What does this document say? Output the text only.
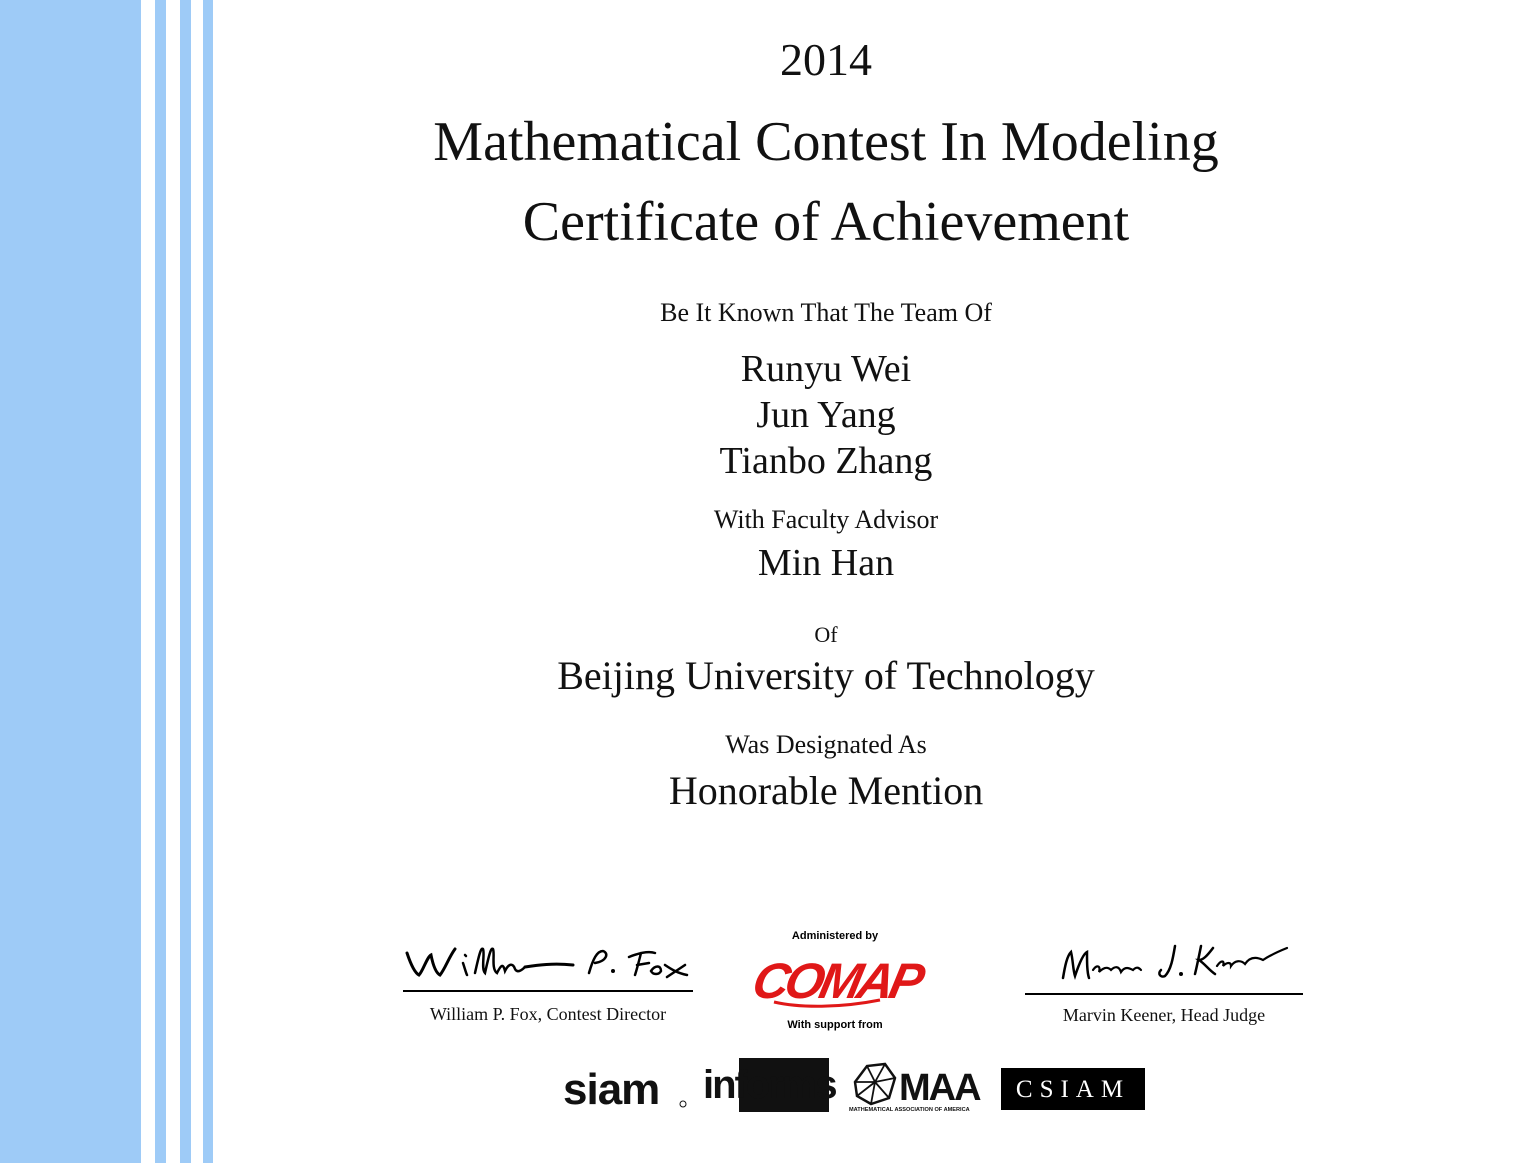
2014
Mathematical Contest In Modeling
Certificate of Achievement
Be It Known That The Team Of
Runyu Wei
Jun Yang
Tianbo Zhang
With Faculty Advisor
Min Han
Of
Beijing University of Technology
Was Designated As
Honorable Mention
William P. Fox, Contest Director
Administered by
COMAP
With support from	Marvin Keener, Head Judge
siam informs MAA
MATHEMATICAL ASSOCIATION OF AMERICA
CSIAM
